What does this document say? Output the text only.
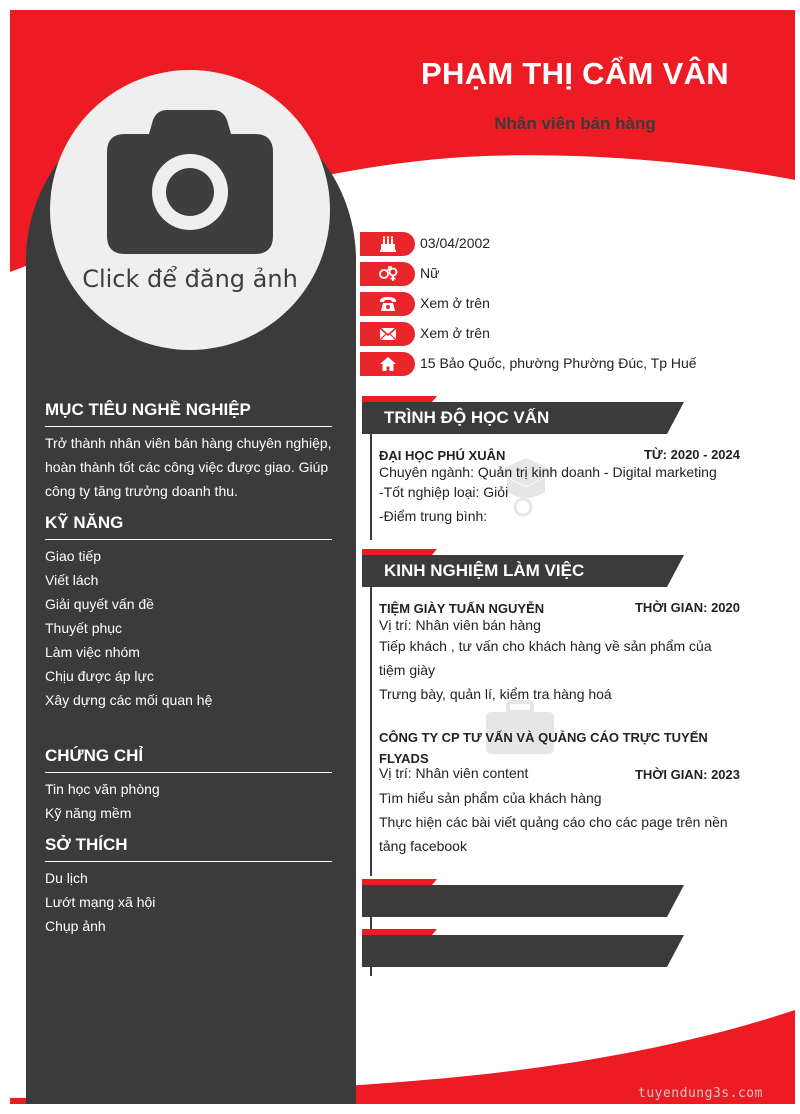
PHẠM THỊ CẨM VÂN
Nhân viên bán hàng
Click để đăng ảnh
03/04/2002
Nữ
Xem ở trên
Xem ở trên
15 Bảo Quốc, phường Phường Đúc, Tp Huế
MỤC TIÊU NGHỀ NGHIỆP
Trở thành nhân viên bán hàng chuyên nghiệp, hoàn thành tốt các công việc được giao. Giúp công ty tăng trưởng doanh thu.
KỸ NĂNG
Giao tiếp
Viết lách
Giải quyết vấn đề
Thuyết phục
Làm việc nhóm
Chịu được áp lực
Xây dựng các mối quan hệ
CHỨNG CHỈ
Tin học văn phòng
Kỹ năng mềm
SỞ THÍCH
Du lịch
Lướt mạng xã hội
Chụp ảnh
TRÌNH ĐỘ HỌC VẤN
KINH NGHIỆM LÀM VIỆC
ĐẠI HỌC PHÚ XUÂN	TỪ: 2020 - 2024
Chuyên ngành: Quản trị kinh doanh - Digital marketing
-Tốt nghiệp loại: Giỏi
-Điểm trung bình:
TIỆM GIÀY TUẤN NGUYỄN	THỜI GIAN: 2020
Vị trí: Nhân viên bán hàng
Tiếp khách , tư vấn cho khách hàng về sản phẩm của tiệm giày
Trưng bày, quản lí, kiểm tra hàng hoá
CÔNG TY CP TƯ VẤN VÀ QUẢNG CÁO TRỰC TUYẾN FLYADS
Vị trí: Nhân viên content	THỜI GIAN: 2023
Tìm hiểu sản phẩm của khách hàng
Thực hiện các bài viết quảng cáo cho các page trên nền tảng facebook
tuyendung3s.com
